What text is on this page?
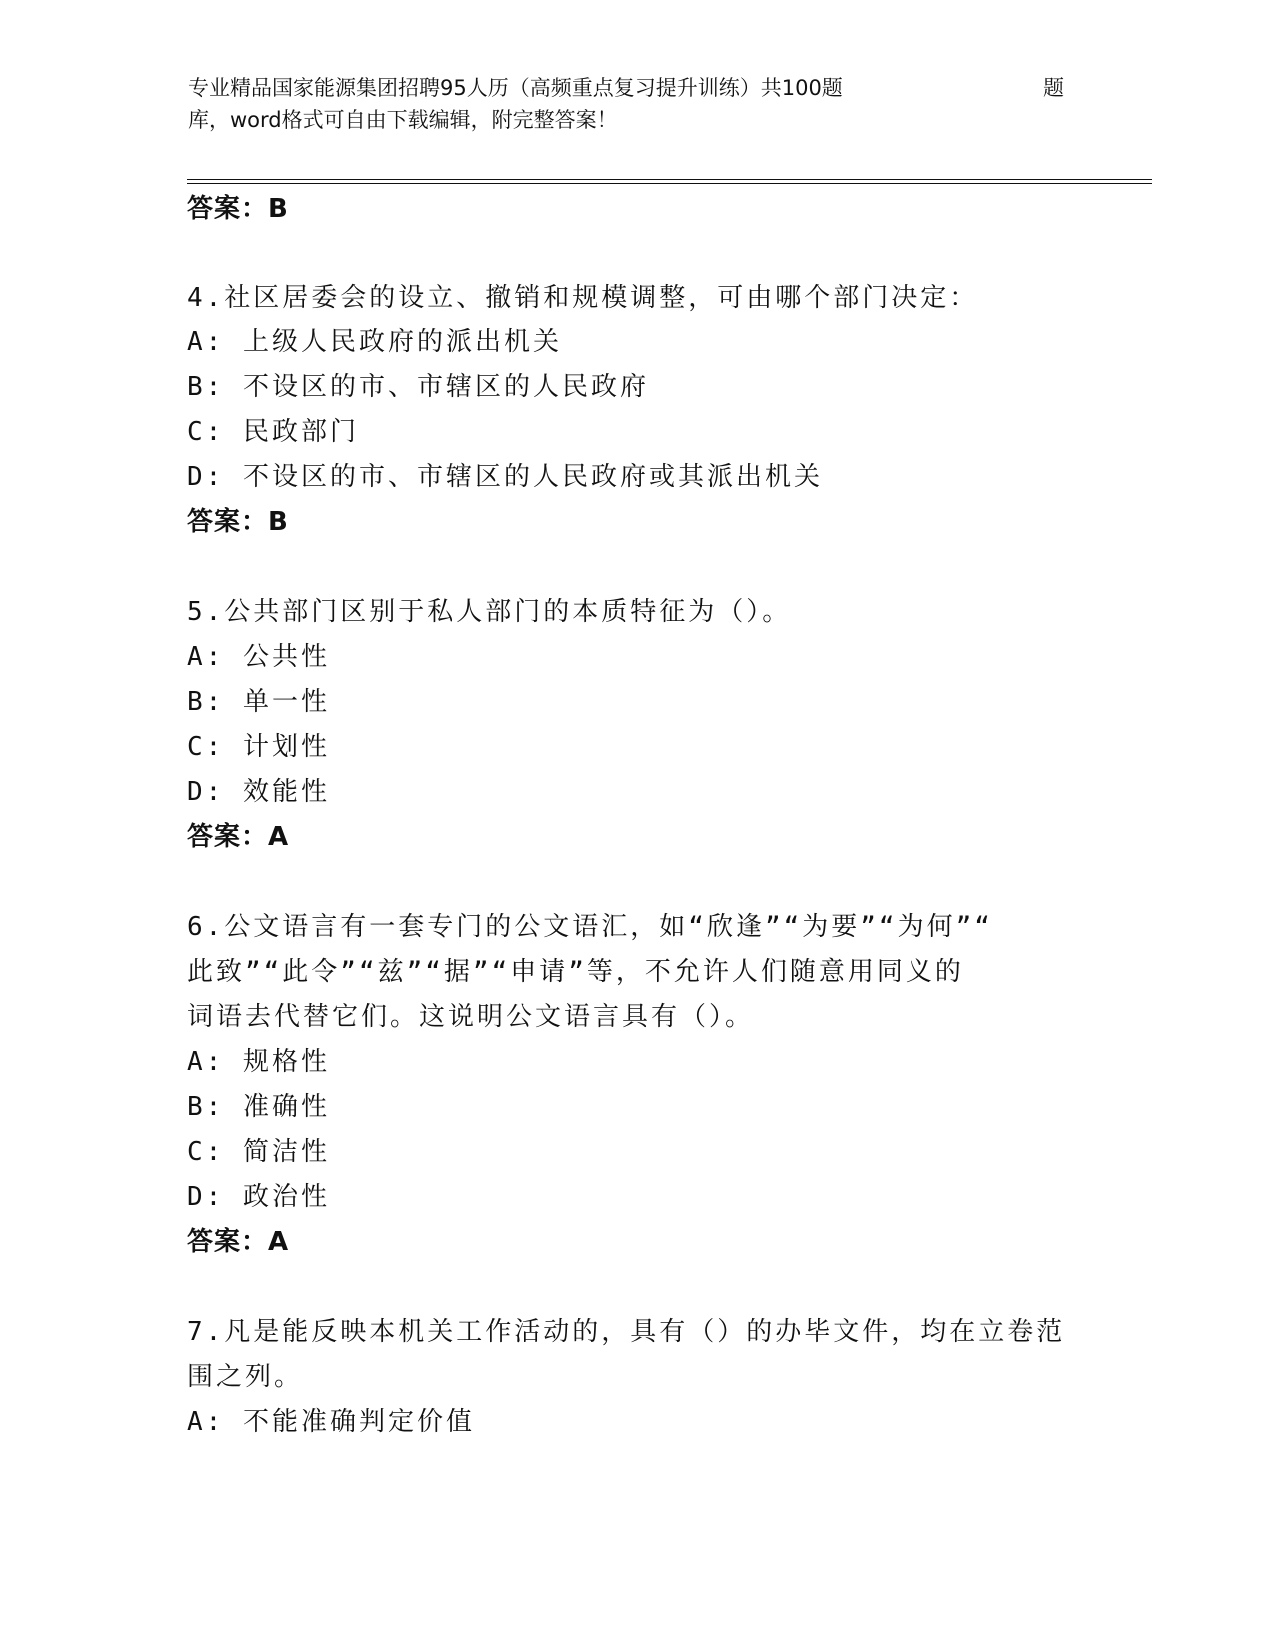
专业精品国家能源集团招聘95人历（高频重点复习提升训练）共100题
库，word格式可自由下载编辑，附完整答案！
题
答案：B
4.社区居委会的设立、撤销和规模调整，可由哪个部门决定：
A: 上级人民政府的派出机关
B: 不设区的市、市辖区的人民政府
C: 民政部门
D: 不设区的市、市辖区的人民政府或其派出机关
答案：B
5.公共部门区别于私人部门的本质特征为（）。
A: 公共性
B: 单一性
C: 计划性
D: 效能性
答案：A
6.公文语言有一套专门的公文语汇，如“欣逢”“为要”“为何”“
此致”“此令”“兹”“据”“申请”等，不允许人们随意用同义的
词语去代替它们。这说明公文语言具有（）。
A: 规格性
B: 准确性
C: 简洁性
D: 政治性
答案：A
7.凡是能反映本机关工作活动的，具有（）的办毕文件，均在立卷范
围之列。
A: 不能准确判定价值
